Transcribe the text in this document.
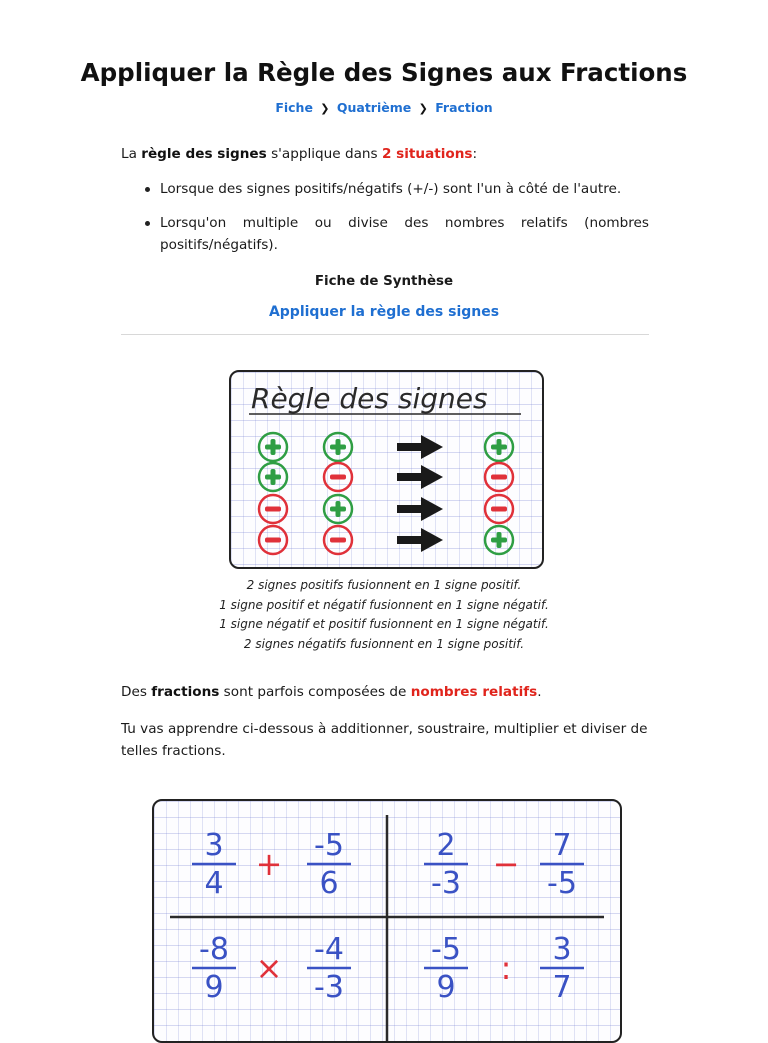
Appliquer la Règle des Signes aux Fractions
Fiche ❯ Quatrième ❯ Fraction

La règle des signes s'applique dans 2 situations:

Lorsque des signes positifs/négatifs (+/-) sont l'un à côté de l'autre.
Lorsqu'on multiple ou divise des nombres relatifs (nombres positifs/négatifs).
Fiche de Synthèse
Appliquer la règle des signes
Règle des signes
2 signes positifs fusionnent en 1 signe positif.
1 signe positif et négatif fusionnent en 1 signe négatif.
1 signe négatif et positif fusionnent en 1 signe négatif.
2 signes négatifs fusionnent en 1 signe positif.

Des fractions sont parfois composées de nombres relatifs.

Tu vas apprendre ci-dessous à additionner, soustraire, multiplier et diviser de telles fractions.

3
4
+ -5
6
2
-3
− 7
-5
-8
9
× -4
-3
-5
9
: 3
7
